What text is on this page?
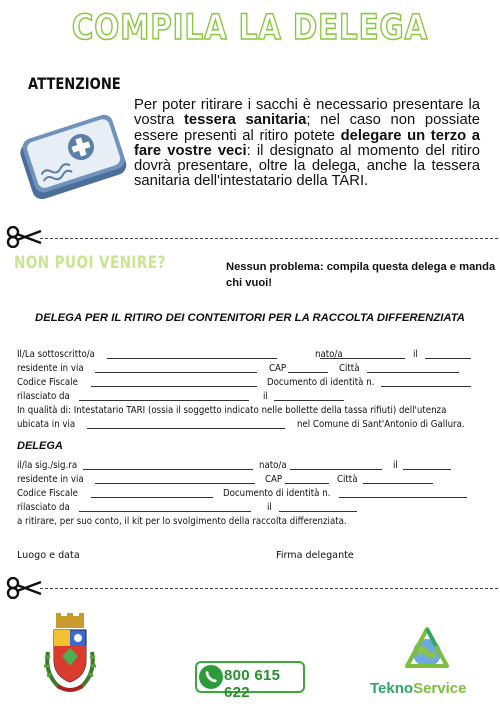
COMPILA LA DELEGA
ATTENZIONE
Per poter ritirare i sacchi è necessario presentare la vostra tessera sanitaria; nel caso non possiate essere presenti al ritiro potete delegare un terzo a fare vostre veci: il designato al momento del ritiro dovrà presentare, oltre la delega, anche la tessera sanitaria dell'intestatario della TARI.
NON PUOI VENIRE?	Nessun problema: compila questa delega e manda chi vuoi!
DELEGA PER IL RITIRO DEI CONTENITORI PER LA RACCOLTA DIFFERENZIATA
Il/La sottoscritto/a	nato/a	il
residente in via	CAP	Città
Codice Fiscale	Documento di identità n.
rilasciato da	il
In qualità di: Intestatario TARI (ossia il soggetto indicato nelle bollette della tassa rifiuti) dell'utenza
ubicata in via	nel Comune di Sant'Antonio di Gallura.
DELEGA
il/la sig./sig.ra	nato/a	il
residente in via	CAP	Città
Codice Fiscale	Documento di identità n.
rilasciato da	il
a ritirare, per suo conto, il kit per lo svolgimento della raccolta differenziata.
Luogo e data	Firma delegante
800 615 622	TeknoService
